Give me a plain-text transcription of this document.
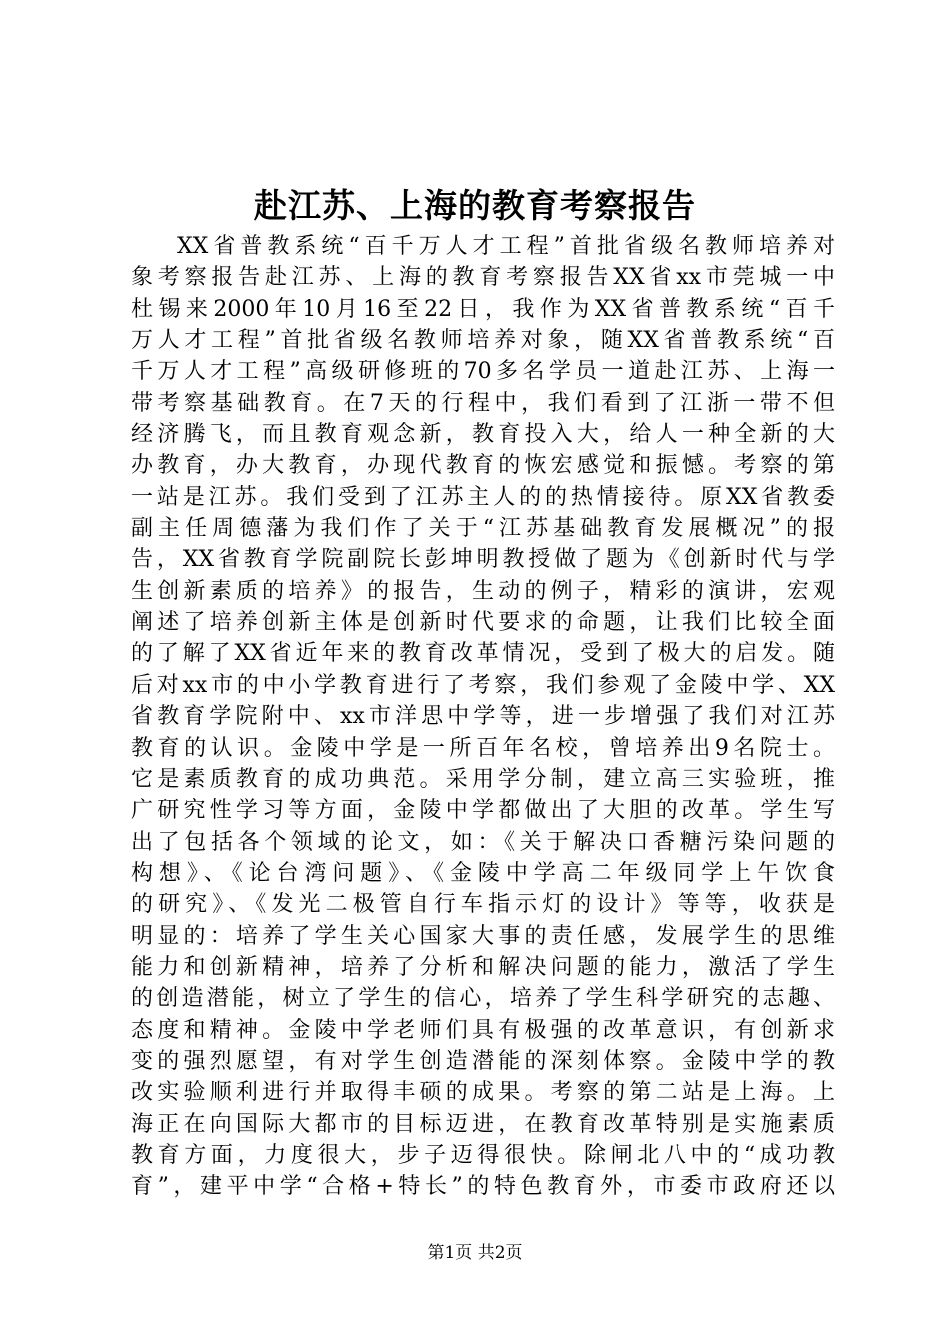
赴江苏、上海的教育考察报告
XX省普教系统“百千万人才工程”首批省级名教师培养对
象考察报告赴江苏、上海的教育考察报告XX省xx市莞城一中
杜锡来2000年10月16至22日，我作为XX省普教系统“百千
万人才工程”首批省级名教师培养对象，随XX省普教系统“百
千万人才工程”高级研修班的70多名学员一道赴江苏、上海一
带考察基础教育。在7天的行程中，我们看到了江浙一带不但
经济腾飞，而且教育观念新，教育投入大，给人一种全新的大
办教育，办大教育，办现代教育的恢宏感觉和振憾。考察的第
一站是江苏。我们受到了江苏主人的的热情接待。原XX省教委
副主任周德藩为我们作了关于“江苏基础教育发展概况”的报
告，XX省教育学院副院长彭坤明教授做了题为《创新时代与学
生创新素质的培养》的报告，生动的例子，精彩的演讲，宏观
阐述了培养创新主体是创新时代要求的命题，让我们比较全面
的了解了XX省近年来的教育改革情况，受到了极大的启发。随
后对xx市的中小学教育进行了考察，我们参观了金陵中学、XX
省教育学院附中、xx市洋思中学等，进一步增强了我们对江苏
教育的认识。金陵中学是一所百年名校，曾培养出9名院士。
它是素质教育的成功典范。采用学分制，建立高三实验班，推
广研究性学习等方面，金陵中学都做出了大胆的改革。学生写
出了包括各个领域的论文，如：《关于解决口香糖污染问题的
构想》、《论台湾问题》、《金陵中学高二年级同学上午饮食
的研究》、《发光二极管自行车指示灯的设计》等等，收获是
明显的：培养了学生关心国家大事的责任感，发展学生的思维
能力和创新精神，培养了分析和解决问题的能力，激活了学生
的创造潜能，树立了学生的信心，培养了学生科学研究的志趣、
态度和精神。金陵中学老师们具有极强的改革意识，有创新求
变的强烈愿望，有对学生创造潜能的深刻体察。金陵中学的教
改实验顺利进行并取得丰硕的成果。考察的第二站是上海。上
海正在向国际大都市的目标迈进，在教育改革特别是实施素质
教育方面，力度很大，步子迈得很快。除闸北八中的“成功教
育”，建平中学“合格+特长”的特色教育外，市委市政府还以
第1页 共2页
